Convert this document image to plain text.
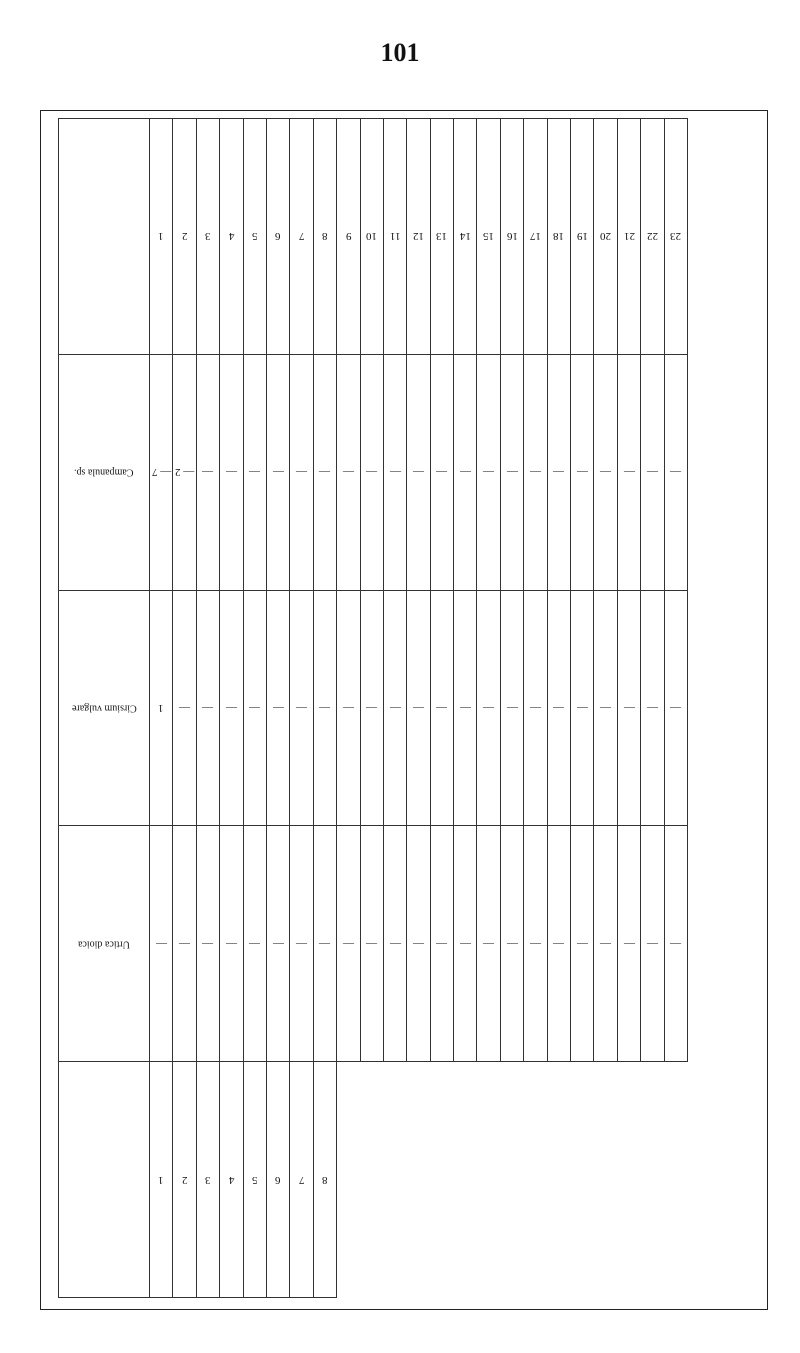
101
	1	2	3	4	5	6	7	8	9	10	11	12	13	14	15	16	17	18	19	20	21	22	23
Campanula sp.	— 7	— 2	—	—	—	—	—	—	—	—	—	—	—	—	—	—	—	—	—	—	—	—	—
Cirsium vulgare	1	—	—	—	—	—	—	—	—	—	—	—	—	—	—	—	—	—	—	—	—	—	—
Urtica dioica	—	—	—	—	—	—	—	—	—	—	—	—	—	—	—	—	—	—	—	—	—	—	—
	1	2	3	4	5	6	7	8															
